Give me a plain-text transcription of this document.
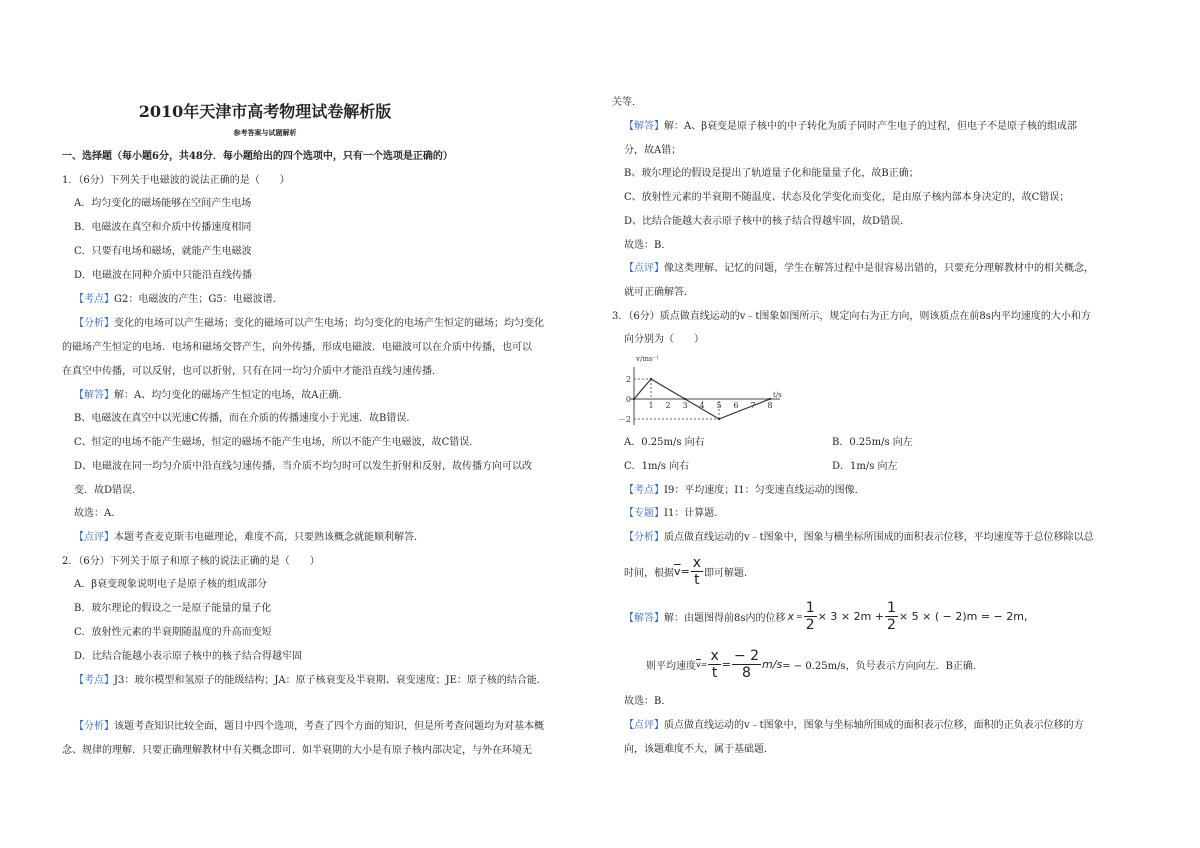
2010年天津市高考物理试卷解析版
参考答案与试题解析
一、选择题（每小题6分，共48分．每小题给出的四个选项中，只有一个选项是正确的）
1．（6分）下列关于电磁波的说法正确的是（　　）
A．均匀变化的磁场能够在空间产生电场
B．电磁波在真空和介质中传播速度相同
C．只要有电场和磁场，就能产生电磁波
D．电磁波在同种介质中只能沿直线传播
【考点】G2：电磁波的产生；G5：电磁波谱．
【分析】变化的电场可以产生磁场；变化的磁场可以产生电场；均匀变化的电场产生恒定的磁场；均匀变化
的磁场产生恒定的电场．电场和磁场交替产生，向外传播，形成电磁波．电磁波可以在介质中传播，也可以
在真空中传播，可以反射，也可以折射，只有在同一均匀介质中才能沿直线匀速传播．
【解答】解：A、均匀变化的磁场产生恒定的电场，故A正确．
B、电磁波在真空中以光速C传播，而在介质的传播速度小于光速．故B错误．
C、恒定的电场不能产生磁场，恒定的磁场不能产生电场，所以不能产生电磁波，故C错误．
D、电磁波在同一均匀介质中沿直线匀速传播，当介质不均匀时可以发生折射和反射，故传播方向可以改
变．故D错误．
故选：A．
【点评】本题考查麦克斯韦电磁理论，难度不高，只要熟该概念就能顺利解答．
2．（6分）下列关于原子和原子核的说法正确的是（　　）
A．β衰变现象说明电子是原子核的组成部分
B．玻尔理论的假设之一是原子能量的量子化
C．放射性元素的半衰期随温度的升高而变短
D．比结合能越小表示原子核中的核子结合得越牢固
【考点】J3：玻尔模型和氢原子的能级结构；JA：原子核衰变及半衰期、衰变速度；JE：原子核的结合能．
【分析】该题考查知识比较全面，题目中四个选项，考查了四个方面的知识，但是所考查问题均为对基本概
念、规律的理解．只要正确理解教材中有关概念即可．如半衰期的大小是有原子核内部决定，与外在环境无
关等．
【解答】解：A、β衰变是原子核中的中子转化为质子同时产生电子的过程，但电子不是原子核的组成部
分，故A错；
B、玻尔理论的假设是提出了轨道量子化和能量量子化，故B正确；
C、放射性元素的半衰期不随温度、状态及化学变化而变化，是由原子核内部本身决定的，故C错误；
D、比结合能越大表示原子核中的核子结合得越牢固，故D错误．
故选：B．
【点评】像这类理解、记忆的问题，学生在解答过程中是很容易出错的，只要充分理解教材中的相关概念，
就可正确解答．
3．（6分）质点做直线运动的v﹣t图象如图所示，规定向右为正方向，则该质点在前8s内平均速度的大小和方
向分别为（　　）
A．0.25m/s 向右	B．0.25m/s 向左
C．1m/s 向右	D．1m/s 向左
【考点】I9：平均速度；I1：匀变速直线运动的图像．
【专题】I1：计算题．
【分析】质点做直线运动的v﹣t图象中，图象与横坐标所围成的面积表示位移，平均速度等于总位移除以总
时间，根据 $\overline{v} = \frac{x}{t}$ 即可解题．
【解答】 解：由题图得前8s内的位移 $x = \frac{1}{2} \times 3 \times 2m + \frac{1}{2} \times 5$ × ( − 2)m = − 2m,
则平均速度 $\overline{v} = \frac{x}{t} = \frac{- 2}{8} m/s$ = − 0.25m/s，负号表示方向向左．B正确．
故选：B．
【点评】质点做直线运动的v﹣t图象中，图象与坐标轴所围成的面积表示位移，面积的正负表示位移的方
向，该题难度不大，属于基础题．
1 2 3 4 5 6 7 8
2
0
－2
v/ms⁻¹
t/s
